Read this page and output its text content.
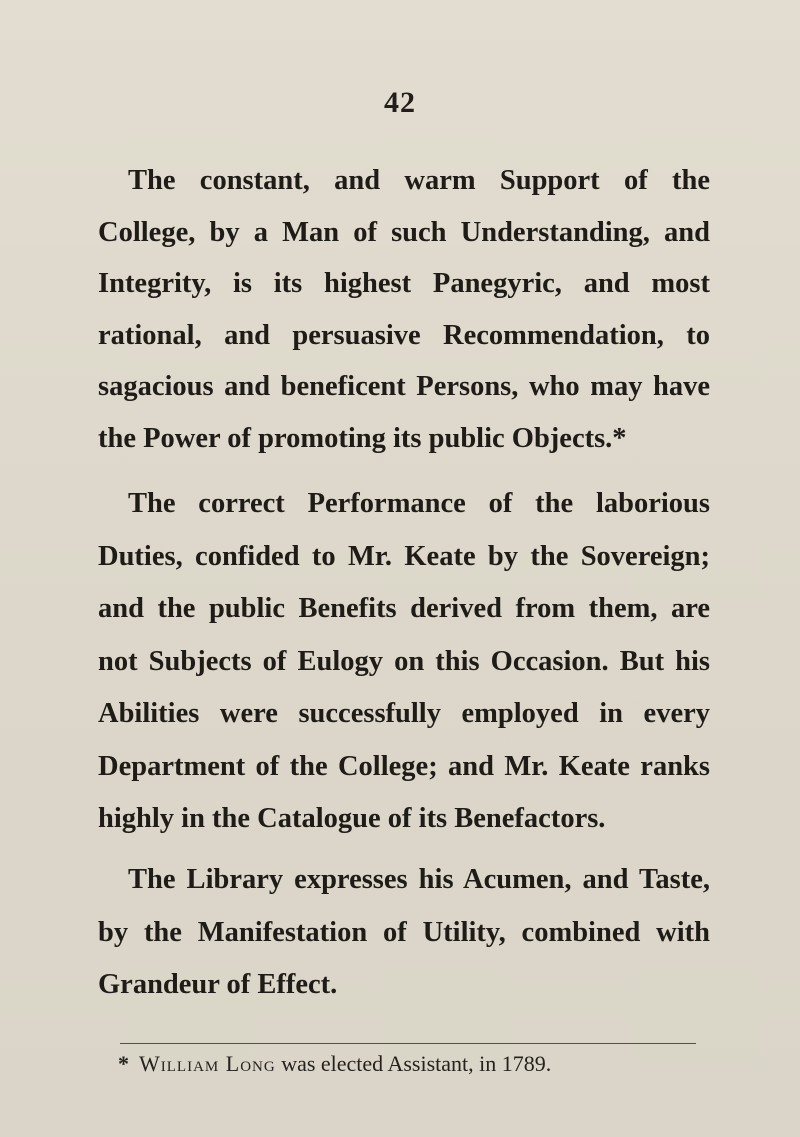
42

The constant, and warm Support of the College, by a Man of such Understanding, and Integrity, is its highest Panegyric, and most rational, and persuasive Recommendation, to sagacious and beneficent Persons, who may have the Power of promoting its public Objects.*

The correct Performance of the laborious Duties, confided to Mr. Keate by the Sovereign; and the public Benefits derived from them, are not Subjects of Eulogy on this Occasion. But his Abilities were successfully employed in every Department of the College; and Mr. Keate ranks highly in the Catalogue of its Benefactors.

The Library expresses his Acumen, and Taste, by the Manifestation of Utility, combined with Grandeur of Effect.

* William Long was elected Assistant, in 1789.
